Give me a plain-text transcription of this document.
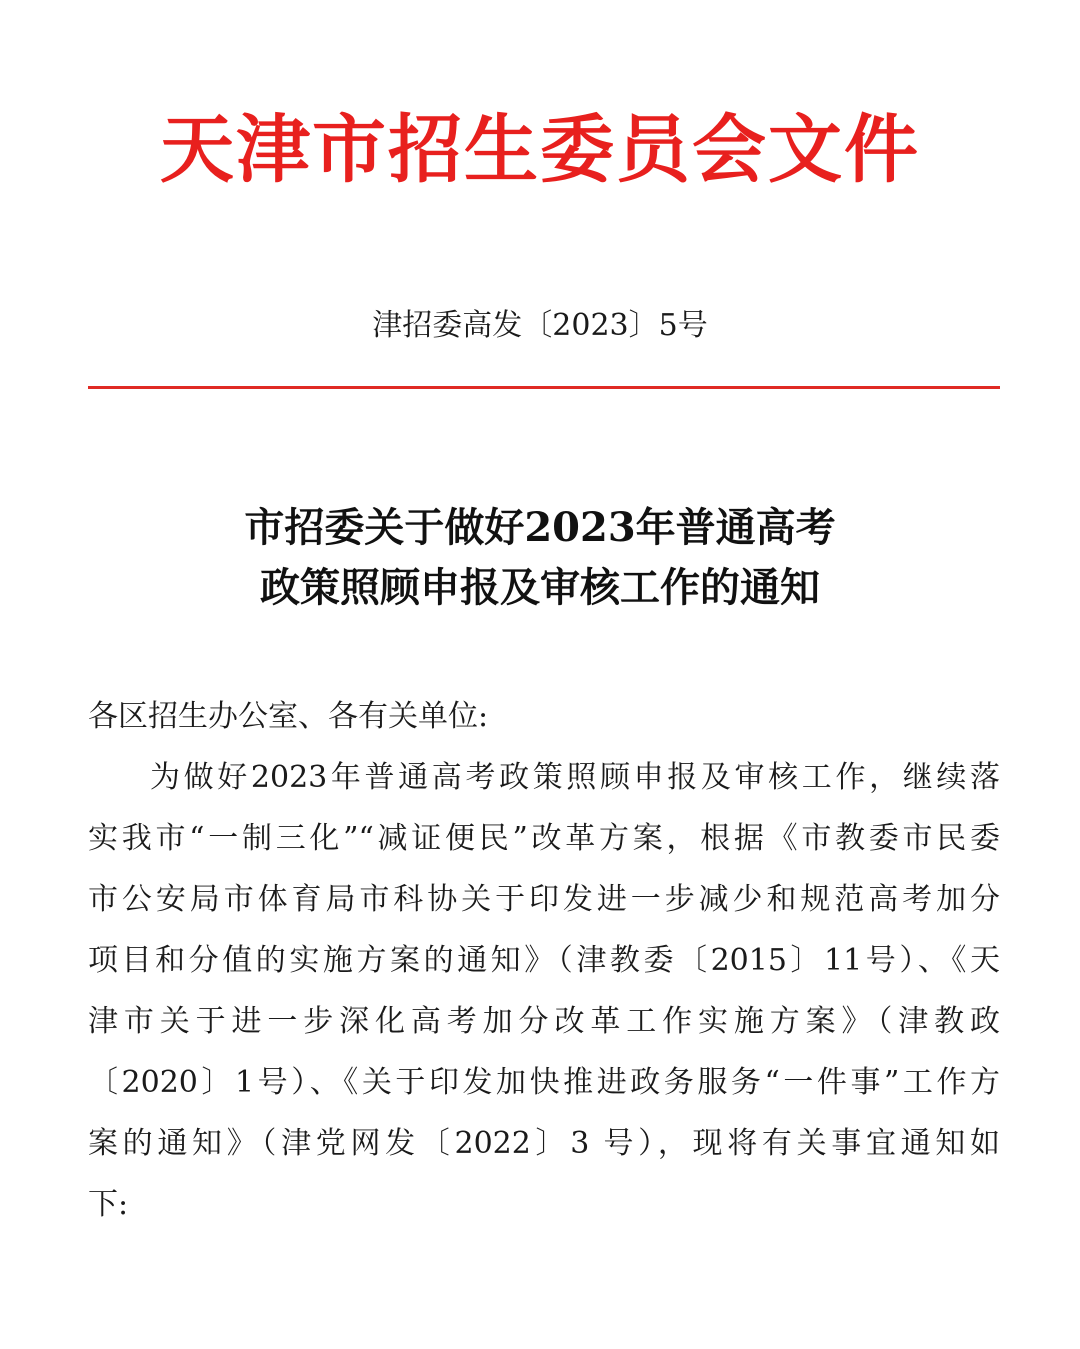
天津市招生委员会文件
津招委高发〔2023〕5号
市招委关于做好2023年普通高考
政策照顾申报及审核工作的通知
各区招生办公室、各有关单位:
为做好2023年普通高考政策照顾申报及审核工作，继续落
实我市“一制三化”“减证便民”改革方案，根据《市教委市民委
市公安局市体育局市科协关于印发进一步减少和规范高考加分
项目和分值的实施方案的通知》（津教委〔2015〕11号）、《天
津市关于进一步深化高考加分改革工作实施方案》（津教政
〔2020〕1号）、《关于印发加快推进政务服务“一件事”工作方
案的通知》（津党网发〔2022〕3 号），现将有关事宜通知如
下:
